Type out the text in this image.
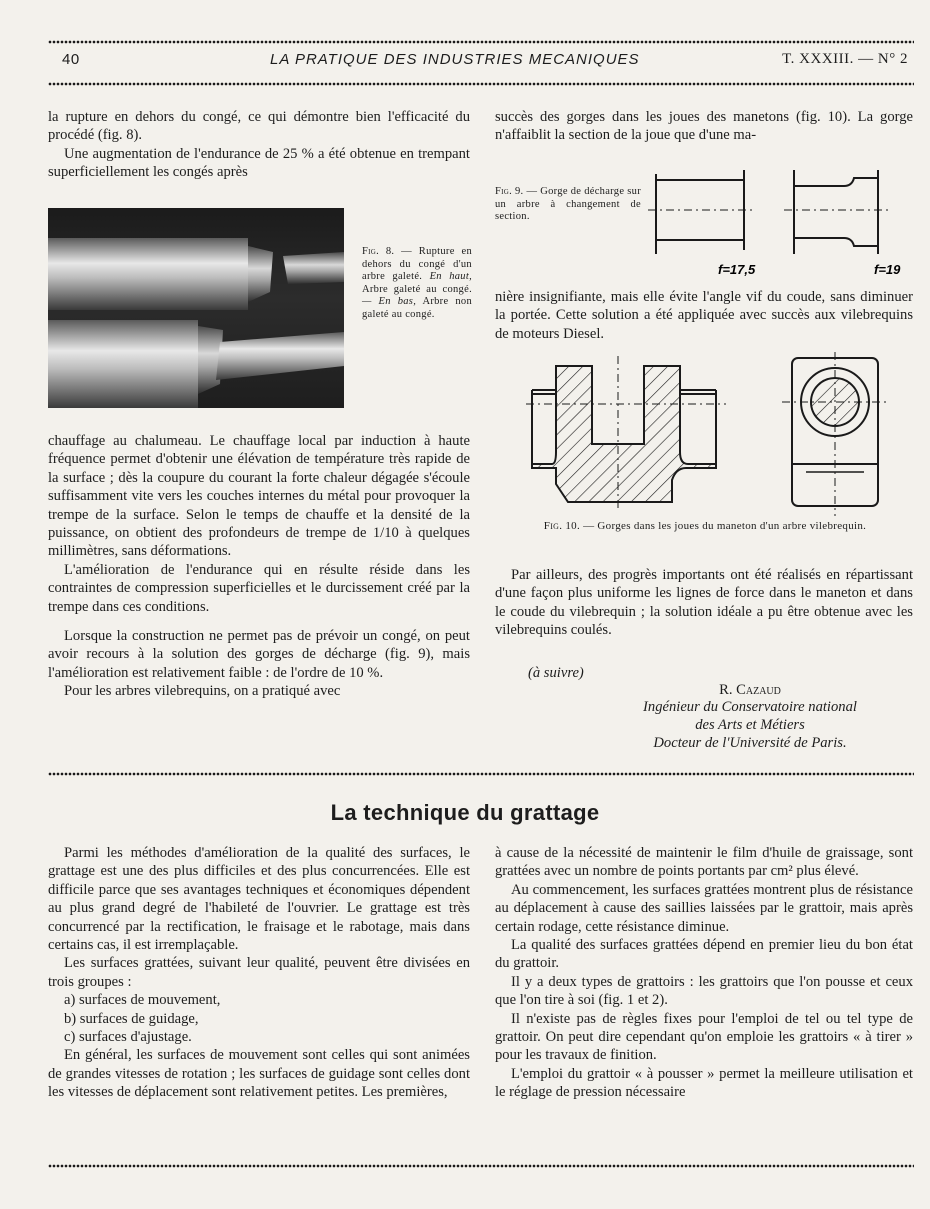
40	LA PRATIQUE DES INDUSTRIES MECANIQUES	T. XXXIII. — N° 2

la rupture en dehors du congé, ce qui démontre bien l'efficacité du procédé (fig. 8).

Une augmentation de l'endurance de 25 % a été obtenue en trempant superficiellement les congés après

Fig. 8. — Rupture en dehors du congé d'un arbre galeté. En haut, Arbre galeté au congé. — En bas, Arbre non galeté au congé.

chauffage au chalumeau. Le chauffage local par induction à haute fréquence permet d'obtenir une élévation de température très rapide de la surface ; dès la coupure du courant la forte chaleur dégagée s'écoule suffisamment vite vers les couches internes du métal pour provoquer la trempe de la surface. Selon le temps de chauffe et la densité de la puissance, on obtient des profondeurs de trempe de 1/10 à quelques millimètres, sans déformations.

L'amélioration de l'endurance qui en résulte réside dans les contraintes de compression superficielles et le durcissement créé par la trempe dans ces conditions.

Lorsque la construction ne permet pas de prévoir un congé, on peut avoir recours à la solution des gorges de décharge (fig. 9), mais l'amélioration est relativement faible : de l'ordre de 10 %.

Pour les arbres vilebrequins, on a pratiqué avec

succès des gorges dans les joues des manetons (fig. 10). La gorge n'affaiblit la section de la joue que d'une ma-

Fig. 9. — Gorge de décharge sur un arbre à changement de section.
f=17,5	f=19

nière insignifiante, mais elle évite l'angle vif du coude, sans diminuer la portée. Cette solution a été appliquée avec succès aux vilebrequins de moteurs Diesel.

Fig. 10. — Gorges dans les joues du maneton d'un arbre vilebrequin.

Par ailleurs, des progrès importants ont été réalisés en répartissant d'une façon plus uniforme les lignes de force dans le maneton et dans le coude du vilebrequin ; la solution idéale a pu être obtenue avec les vilebrequins coulés.

(à suivre)
R. Cazaud
Ingénieur du Conservatoire national
des Arts et Métiers
Docteur de l'Université de Paris.
La technique du grattage

Parmi les méthodes d'amélioration de la qualité des surfaces, le grattage est une des plus difficiles et des plus concurrencées. Elle est difficile parce que ses avantages techniques et économiques dépendent au plus grand degré de l'habileté de l'ouvrier. Le grattage est très concurrencé par la rectification, le fraisage et le rabotage, mais dans certains cas, il est irremplaçable.

Les surfaces grattées, suivant leur qualité, peuvent être divisées en trois groupes :

a) surfaces de mouvement,

b) surfaces de guidage,

c) surfaces d'ajustage.

En général, les surfaces de mouvement sont celles qui sont animées de grandes vitesses de rotation ; les surfaces de guidage sont celles dont les vitesses de déplacement sont relativement petites. Les premières,

à cause de la nécessité de maintenir le film d'huile de graissage, sont grattées avec un nombre de points portants par cm² plus élevé.

Au commencement, les surfaces grattées montrent plus de résistance au déplacement à cause des saillies laissées par le grattoir, mais après certain rodage, cette résistance diminue.

La qualité des surfaces grattées dépend en premier lieu du bon état du grattoir.

Il y a deux types de grattoirs : les grattoirs que l'on pousse et ceux que l'on tire à soi (fig. 1 et 2).

Il n'existe pas de règles fixes pour l'emploi de tel ou tel type de grattoir. On peut dire cependant qu'on emploie les grattoirs « à tirer » pour les travaux de finition.

L'emploi du grattoir « à pousser » permet la meilleure utilisation et le réglage de pression nécessaire
